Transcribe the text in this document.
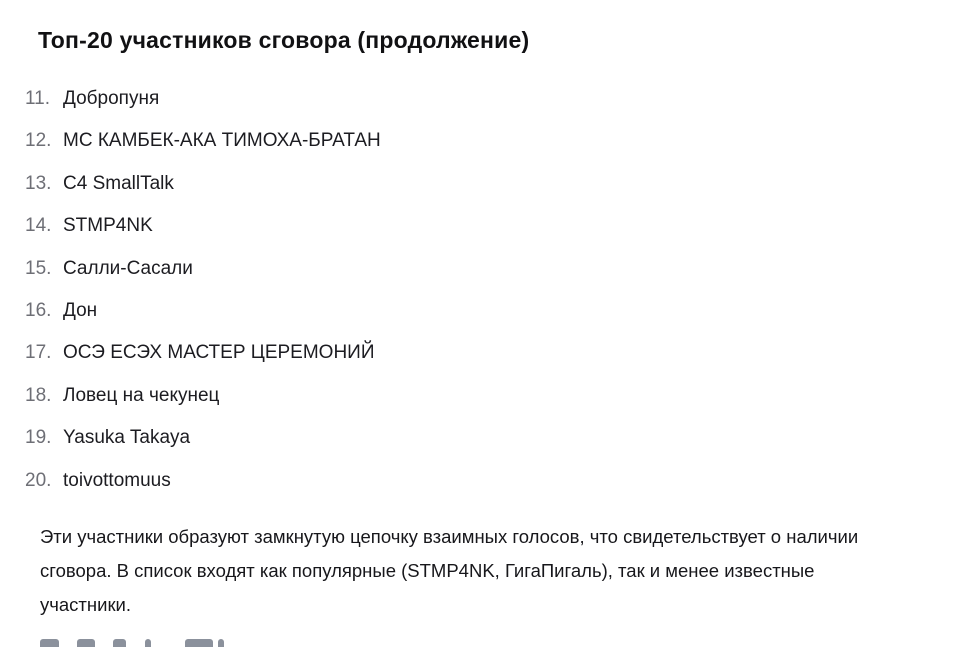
Топ-20 участников сговора (продолжение)
11. Добропуня
12. МС КАМБЕК-АКА ТИМОХА-БРАТАН
13. C4 SmallTalk
14. STMP4NK
15. Салли-Сасали
16. Дон
17. ОСЭ ЕСЭХ МАСТЕР ЦЕРЕМОНИЙ
18. Ловец на чекунец
19. Yasuka Takaya
20. toivottomuus
Эти участники образуют замкнутую цепочку взаимных голосов, что свидетельствует о наличии
сговора. В список входят как популярные (STMP4NK, ГигаПигаль), так и менее известные
участники.
